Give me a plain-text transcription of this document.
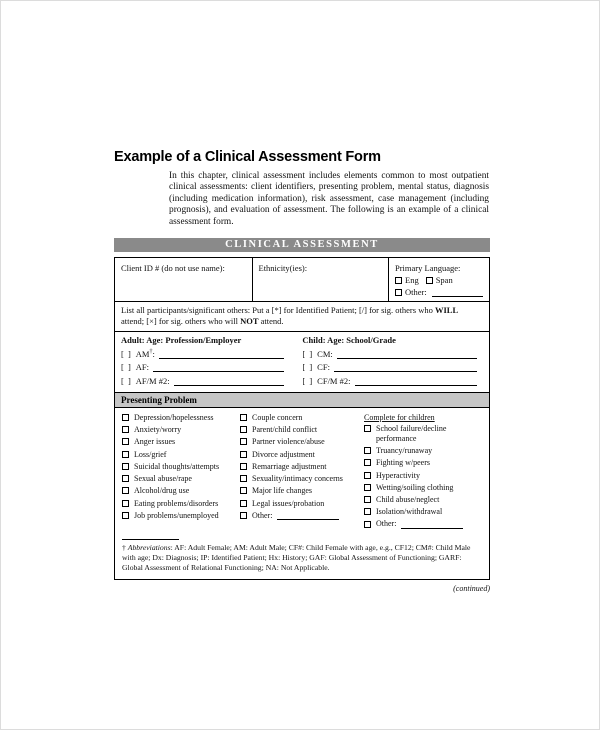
Example of a Clinical Assessment Form
In this chapter, clinical assessment includes elements common to most outpatient clinical assessments: client identifiers, presenting problem, mental status, diagnosis (including medication information), risk assessment, case management (including prognosis), and evaluation of assessment. The following is an example of a clinical assessment form.
CLINICAL ASSESSMENT
Client ID # (do not use name):	Ethnicity(ies):	Primary Language:
Eng Span
Other:
List all participants/significant others: Put a [*] for Identified Patient; [/] for sig. others who WILL attend; [×] for sig. others who will NOT attend.
Adult: Age: Profession/Employer
[ ] AM†:
[ ] AF:
[ ] AF/M #2:
Child: Age: School/Grade
[ ] CM:
[ ] CF:
[ ] CF/M #2:
Presenting Problem
Depression/hopelessness
Anxiety/worry
Anger issues
Loss/grief
Suicidal thoughts/attempts
Sexual abuse/rape
Alcohol/drug use
Eating problems/disorders
Job problems/unemployed
Couple concern
Parent/child conflict
Partner violence/abuse
Divorce adjustment
Remarriage adjustment
Sexuality/intimacy concerns
Major life changes
Legal issues/probation
Other:
Complete for children
School failure/decline performance
Truancy/runaway
Fighting w/peers
Hyperactivity
Wetting/soiling clothing
Child abuse/neglect
Isolation/withdrawal
Other:
† Abbreviations: AF: Adult Female; AM: Adult Male; CF#: Child Female with age, e.g., CF12; CM#: Child Male with age; Dx: Diagnosis; IP: Identified Patient; Hx: History; GAF: Global Assessment of Functioning; GARF: Global Assessment of Relational Functioning; NA: Not Applicable.
(continued)
